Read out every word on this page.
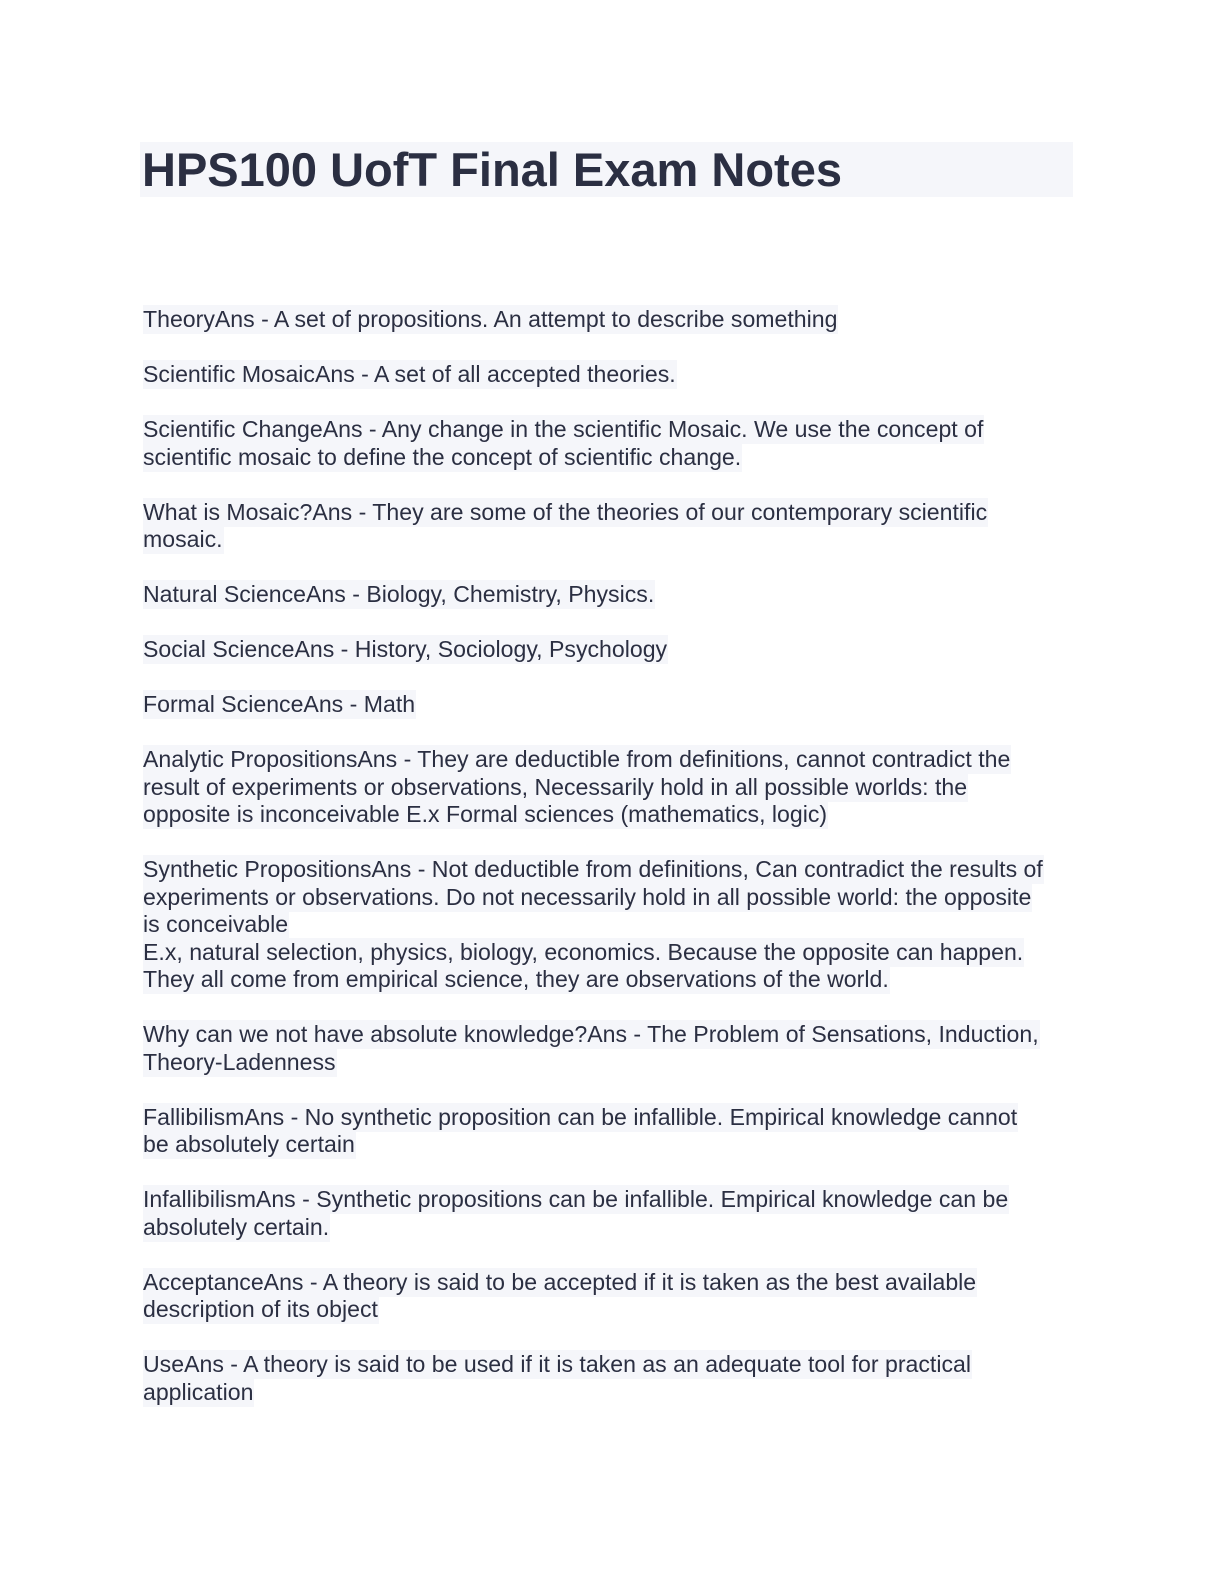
HPS100 UofT Final Exam Notes

TheoryAns - A set of propositions. An attempt to describe something

Scientific MosaicAns - A set of all accepted theories.

Scientific ChangeAns - Any change in the scientific Mosaic. We use the concept of
scientific mosaic to define the concept of scientific change.

What is Mosaic?Ans - They are some of the theories of our contemporary scientific
mosaic.

Natural ScienceAns - Biology, Chemistry, Physics.

Social ScienceAns - History, Sociology, Psychology

Formal ScienceAns - Math

Analytic PropositionsAns - They are deductible from definitions, cannot contradict the
result of experiments or observations, Necessarily hold in all possible worlds: the
opposite is inconceivable E.x Formal sciences (mathematics, logic)

Synthetic PropositionsAns - Not deductible from definitions, Can contradict the results of
experiments or observations. Do not necessarily hold in all possible world: the opposite
is conceivable
E.x, natural selection, physics, biology, economics. Because the opposite can happen.
They all come from empirical science, they are observations of the world.

Why can we not have absolute knowledge?Ans - The Problem of Sensations, Induction,
Theory-Ladenness

FallibilismAns - No synthetic proposition can be infallible. Empirical knowledge cannot
be absolutely certain

InfallibilismAns - Synthetic propositions can be infallible. Empirical knowledge can be
absolutely certain.

AcceptanceAns - A theory is said to be accepted if it is taken as the best available
description of its object

UseAns - A theory is said to be used if it is taken as an adequate tool for practical
application
